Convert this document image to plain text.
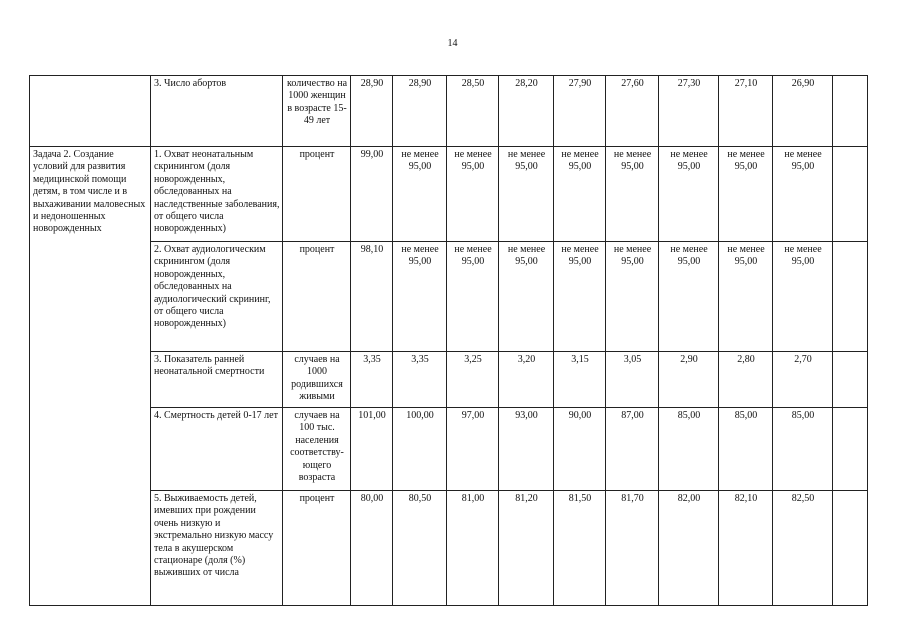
14
	3. Число абортов	количество на 1000 женщин в возрасте 15-49 лет	28,90	28,90	28,50	28,20	27,90	27,60	27,30	27,10	26,90	
Задача 2. Создание условий для развития медицинской помощи детям, в том числе и в выхаживании маловесных и недоношенных новорожденных	1. Охват неонатальным скринингом (доля новорожденных, обследованных на наследственные заболевания, от общего числа новорожденных)	процент	99,00	не менее 95,00	не менее 95,00	не менее 95,00	не менее 95,00	не менее 95,00	не менее 95,00	не менее 95,00	не менее 95,00	
	2. Охват аудиологическим скринингом (доля новорожденных, обследованных на аудиологический скрининг, от общего числа новорожденных)	процент	98,10	не менее 95,00	не менее 95,00	не менее 95,00	не менее 95,00	не менее 95,00	не менее 95,00	не менее 95,00	не менее 95,00	
	3. Показатель ранней неонатальной смертности	случаев на 1000 родившихся живыми	3,35	3,35	3,25	3,20	3,15	3,05	2,90	2,80	2,70	
	4. Смертность детей 0-17 лет	случаев на 100 тыс. населения соответству-ющего возраста	101,00	100,00	97,00	93,00	90,00	87,00	85,00	85,00	85,00	
	5. Выживаемость детей, имевших при рождении очень низкую и экстремально низкую массу тела в акушерском стационаре (доля (%) выживших от числа	процент	80,00	80,50	81,00	81,20	81,50	81,70	82,00	82,10	82,50	
